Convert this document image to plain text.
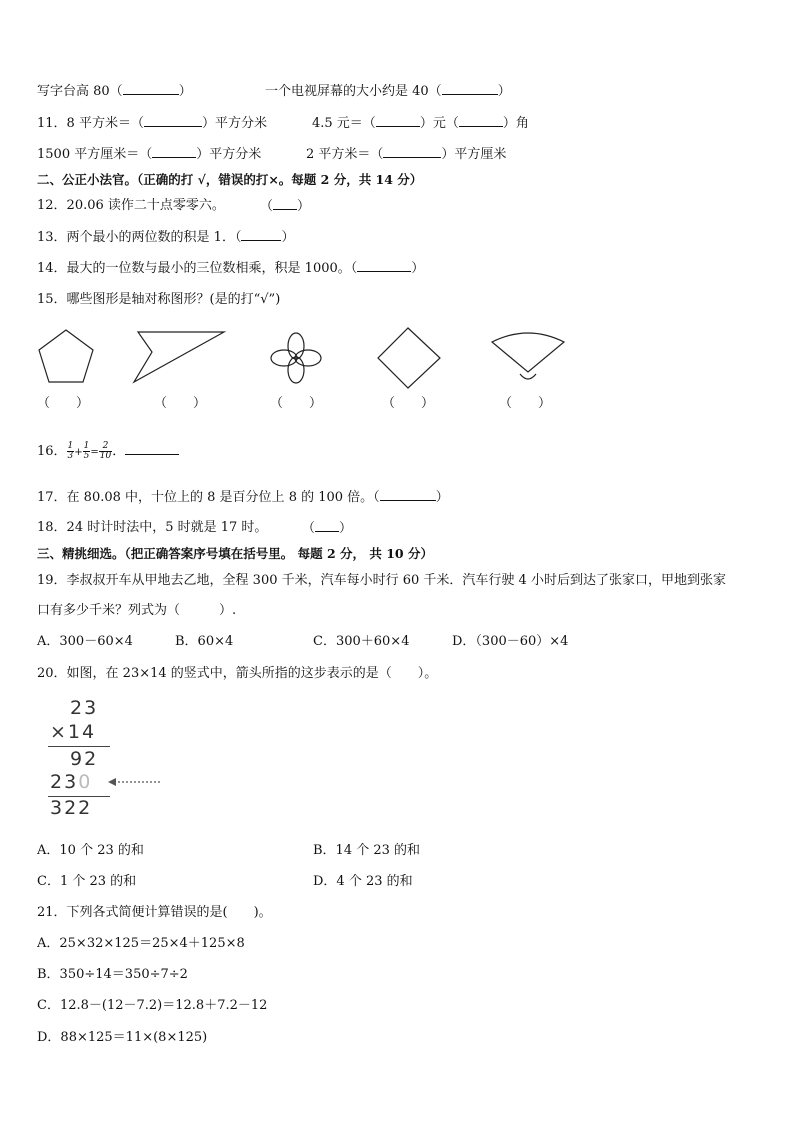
写字台高 80（	）	一个电视屏幕的大小约是 40（	）
11．8 平方米＝（	）平方分米	4.5 元＝（	）元（	）角
1500 平方厘米＝（	）平方分米	2 平方米＝（	）平方厘米
二、公正小法官。（正确的打 √，错误的打×。每题 2 分，共 14 分）
12．20.06 读作二十点零零六。	（ ）
13．两个最小的两位数的积是 1．（	）
14．最大的一位数与最小的三位数相乘，积是 1000。（	）
15．哪些图形是轴对称图形？(是的打“√”)
（　　）	（　　）	（　　）	（　　）	（　　）
16． $\frac{1}{3} + \frac{1}{5} = \frac{2}{10}$ ．
17．在 80.08 中，十位上的 8 是百分位上 8 的 100 倍。（	）
18．24 时计时法中，5 时就是 17 时。	（ ）
三、精挑细选。（把正确答案序号填在括号里。 每题 2 分， 共 10 分）
19．李叔叔开车从甲地去乙地，全程 300 千米，汽车每小时行 60 千米．汽车行驶 4 小时后到达了张家口，甲地到张家
口有多少千米？列式为（　　　）.
A．300－60×4	B．60×4	C．300＋60×4	D．（300－60）×4
20．如图，在 23×14 的竖式中，箭头所指的这步表示的是（　　）。
23
×14
92
230
322
A．10 个 23 的和	B．14 个 23 的和
C．1 个 23 的和	D．4 个 23 的和
21．下列各式简便计算错误的是(　　)。
A．25×32×125＝25×4＋125×8
B．350÷14＝350÷7÷2
C．12.8－(12－7.2)＝12.8＋7.2－12
D．88×125＝11×(8×125)
